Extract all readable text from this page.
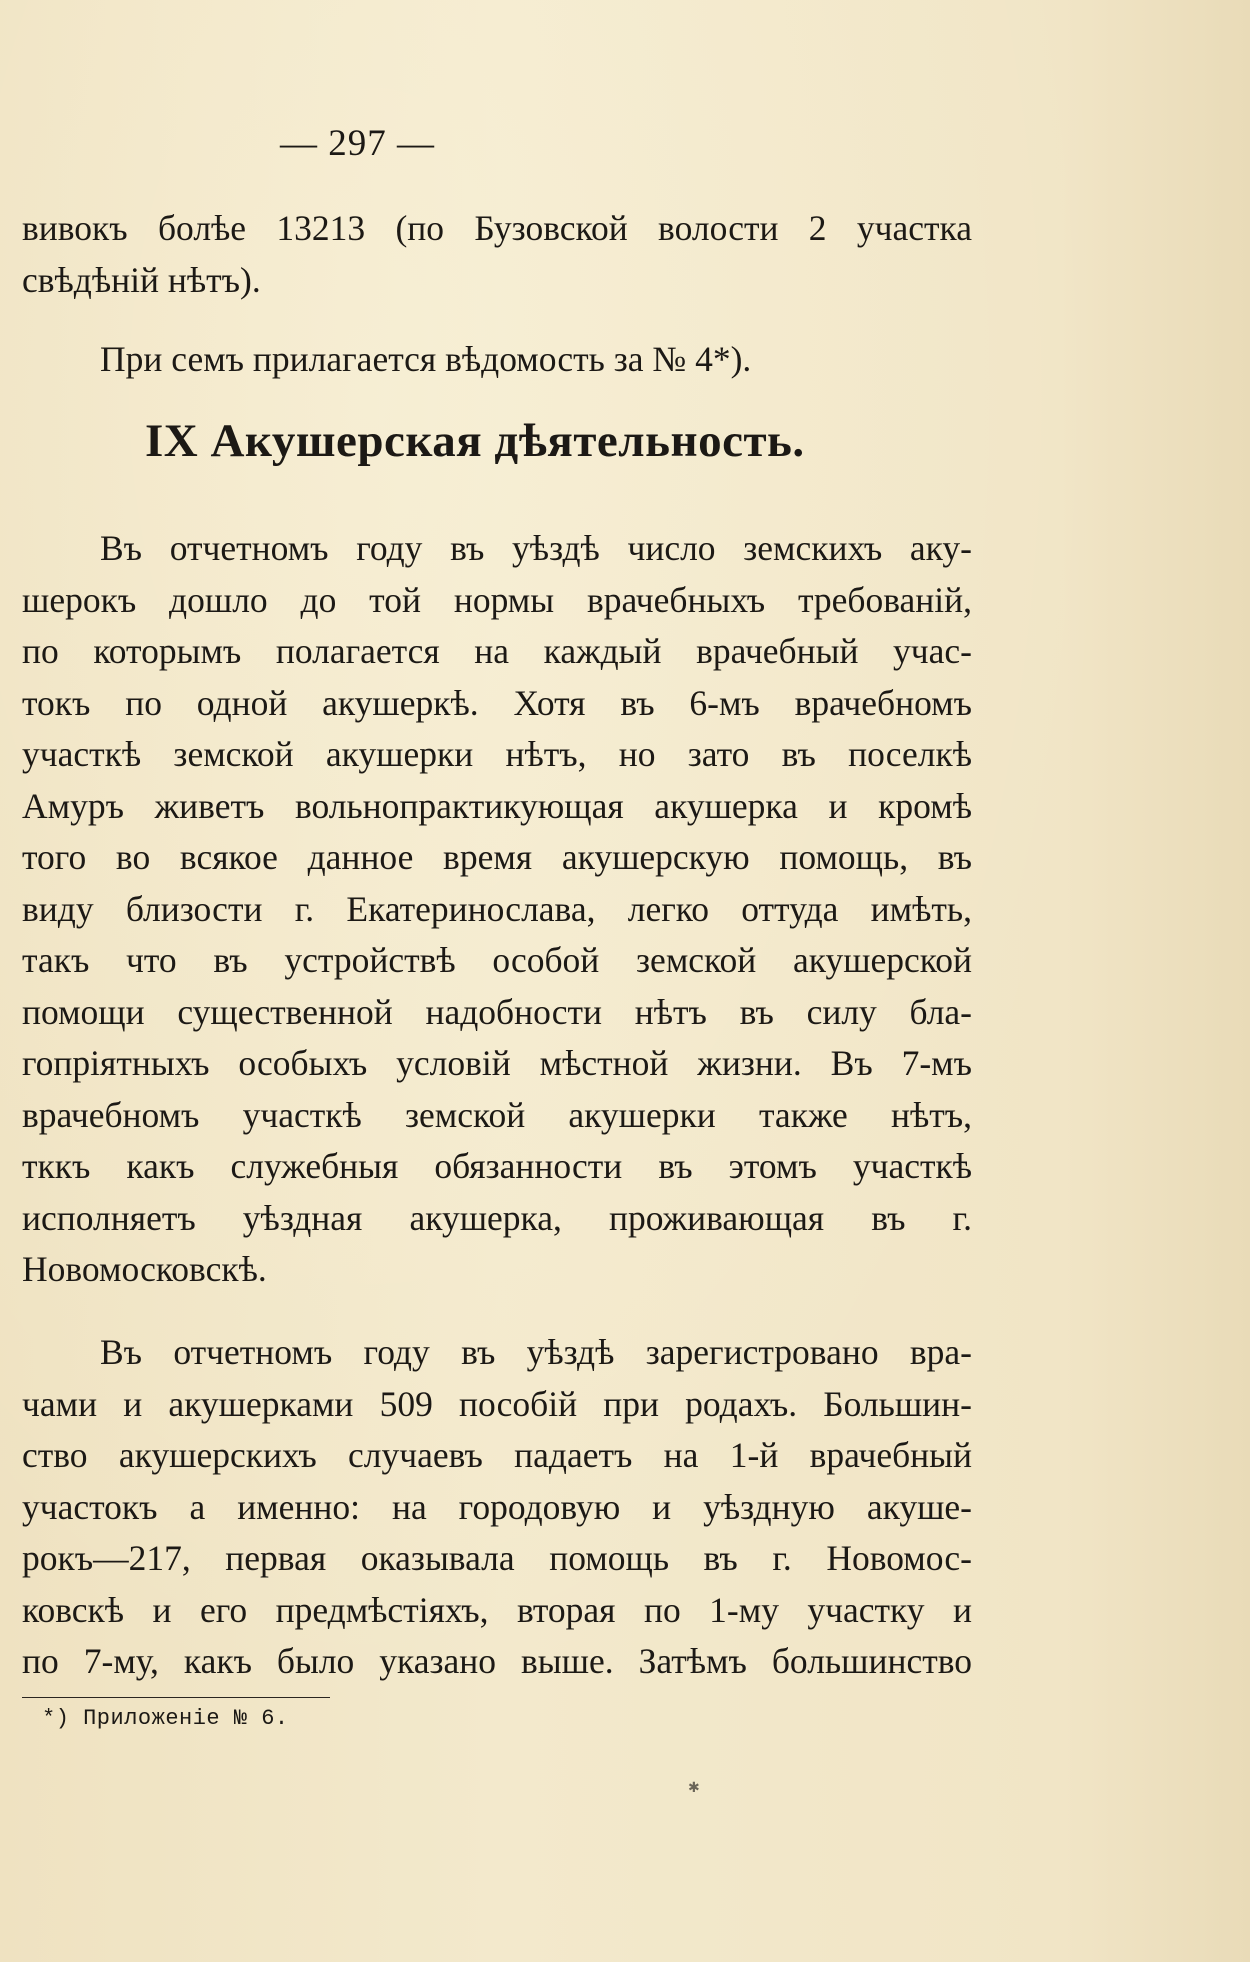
— 297 —
вивокъ болѣе 13213 (по Бузовской волости 2 участка
свѣдѣнiй нѣтъ).
При семъ прилагается вѣдомость за № 4*).
IX Акушерская дѣятельность.
Въ отчетномъ году въ уѣздѣ число земскихъ аку-
шерокъ дошло до той нормы врачебныхъ требованiй,
по которымъ полагается на каждый врачебный учас-
токъ по одной акушеркѣ. Хотя въ 6-мъ врачебномъ
участкѣ земской акушерки нѣтъ, но зато въ поселкѣ
Амуръ живетъ вольнопрактикующая акушерка и кромѣ
того во всякое данное время акушерскую помощь, въ
виду близости г. Екатеринослава, легко оттуда имѣть,
такъ что въ устройствѣ особой земской акушерской
помощи существенной надобности нѣтъ въ силу бла-
гопрiятныхъ особыхъ условiй мѣстной жизни. Въ 7-мъ
врачебномъ участкѣ земской акушерки также нѣтъ,
тккъ какъ служебныя обязанности въ этомъ участкѣ
исполняетъ уѣздная акушерка, проживающая въ г.
Новомосковскѣ.
Въ отчетномъ году въ уѣздѣ зарегистровано вра-
чами и акушерками 509 пособiй при родахъ. Большин-
ство акушерскихъ случаевъ падаетъ на 1-й врачебный
участокъ а именно: на городовую и уѣздную акуше-
рокъ—217, первая оказывала помощь въ г. Новомос-
ковскѣ и его предмѣстiяхъ, вторая по 1-му участку и
по 7-му, какъ было указано выше. Затѣмъ большинство
*) Приложенiе № 6.
✱
